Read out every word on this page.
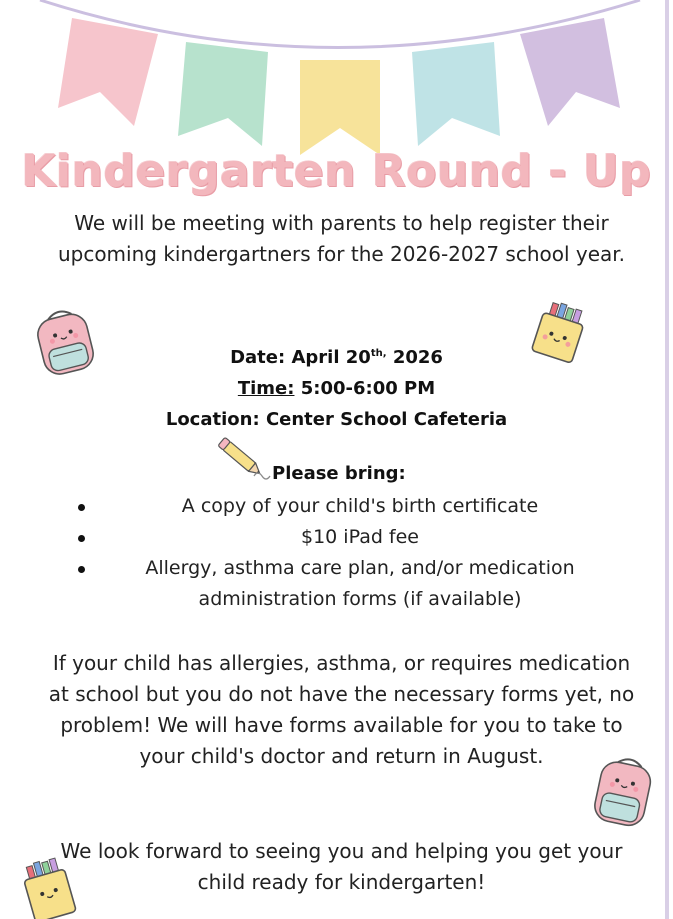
Kindergarten Round - Up
We will be meeting with parents to help register their upcoming kindergartners for the 2026-2027 school year.
Date: April $20^{th,}$ 2026
Time: 5:00-6:00 PM
Location: Center School Cafeteria
Please bring:
A copy of your child's birth certificate
$10 iPad fee
Allergy, asthma care plan, and/or medication administration forms (if available)
If your child has allergies, asthma, or requires medication at school but you do not have the necessary forms yet, no problem! We will have forms available for you to take to your child's doctor and return in August.
We look forward to seeing you and helping you get your child ready for kindergarten!
